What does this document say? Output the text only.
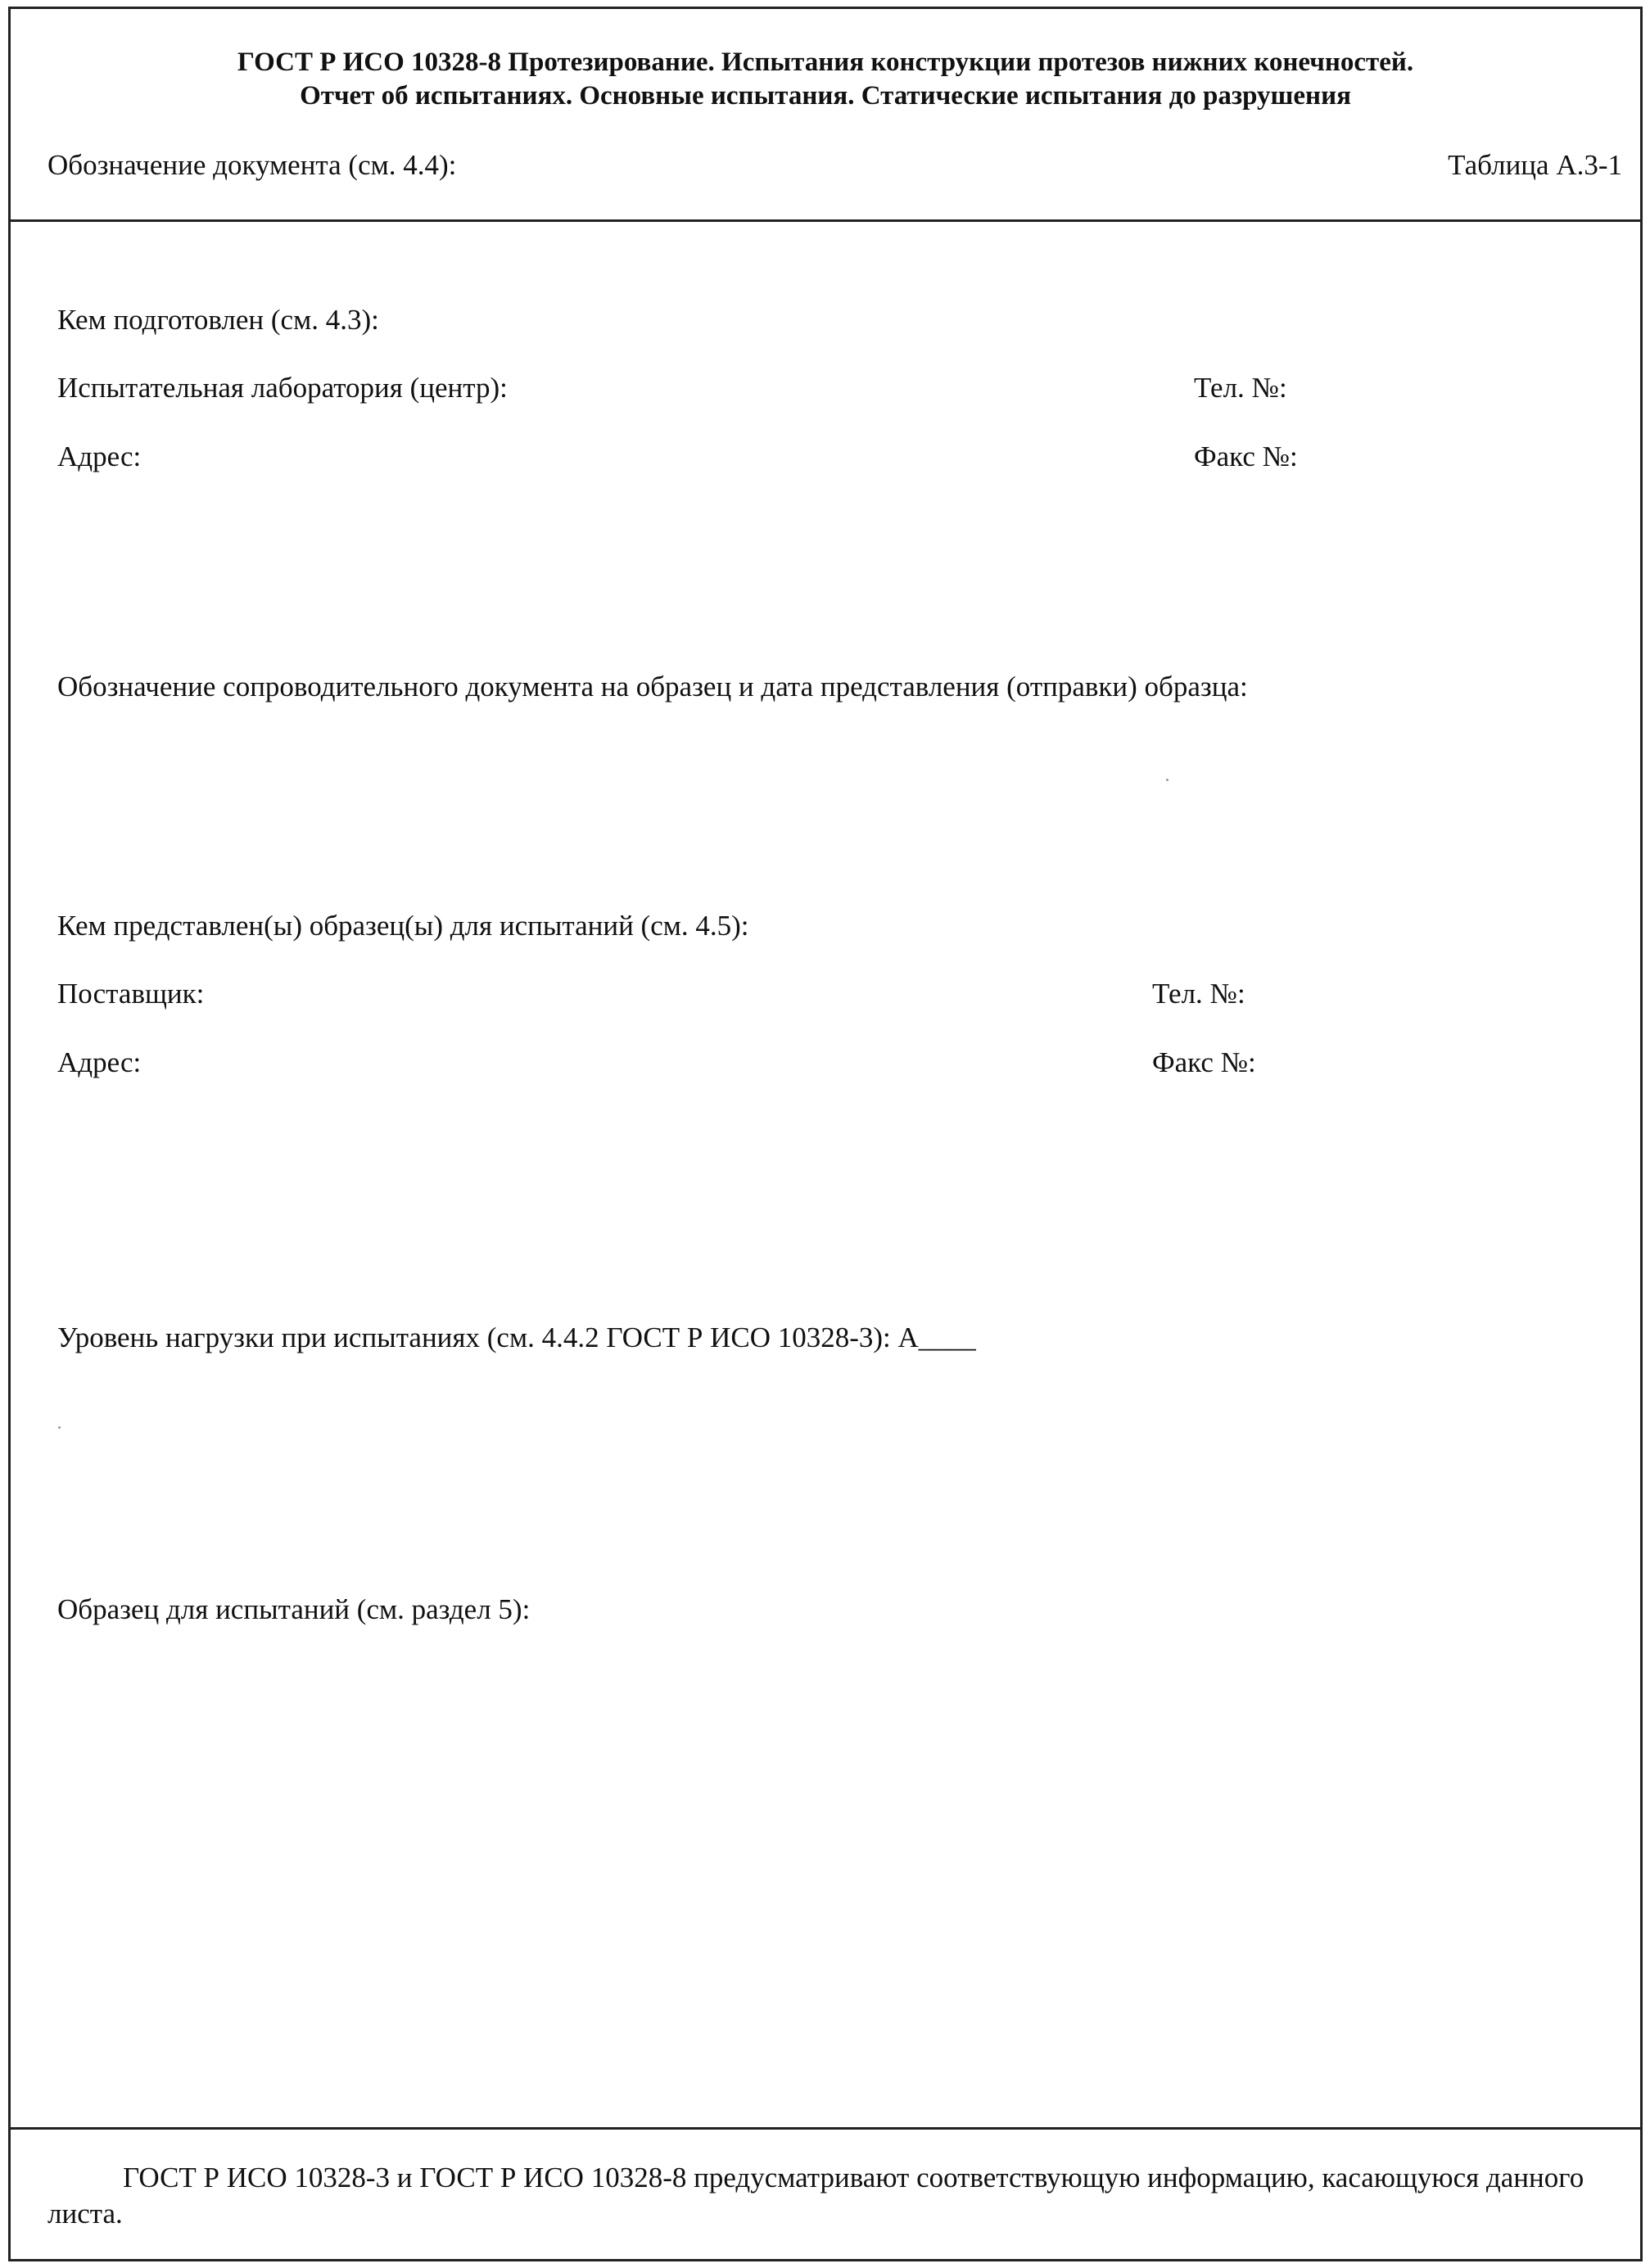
ГОСТ Р ИСО 10328-8 Протезирование. Испытания конструкции протезов нижних конечностей.
Отчет об испытаниях. Основные испытания. Статические испытания до разрушения
Обозначение документа (см. 4.4):	Таблица А.3-1
Кем подготовлен (см. 4.3):
Испытательная лаборатория (центр):	Тел. №:
Адрес:	Факс №:
Обозначение сопроводительного документа на образец и дата представления (отправки) образца:
Кем представлен(ы) образец(ы) для испытаний (см. 4.5):
Поставщик:	Тел. №:
Адрес:	Факс №:
Уровень нагрузки при испытаниях (см. 4.4.2 ГОСТ Р ИСО 10328-3): А____
Образец для испытаний (см. раздел 5):
ГОСТ Р ИСО 10328-3 и ГОСТ Р ИСО 10328-8 предусматривают соответствующую информацию, касающуюся данного листа.
